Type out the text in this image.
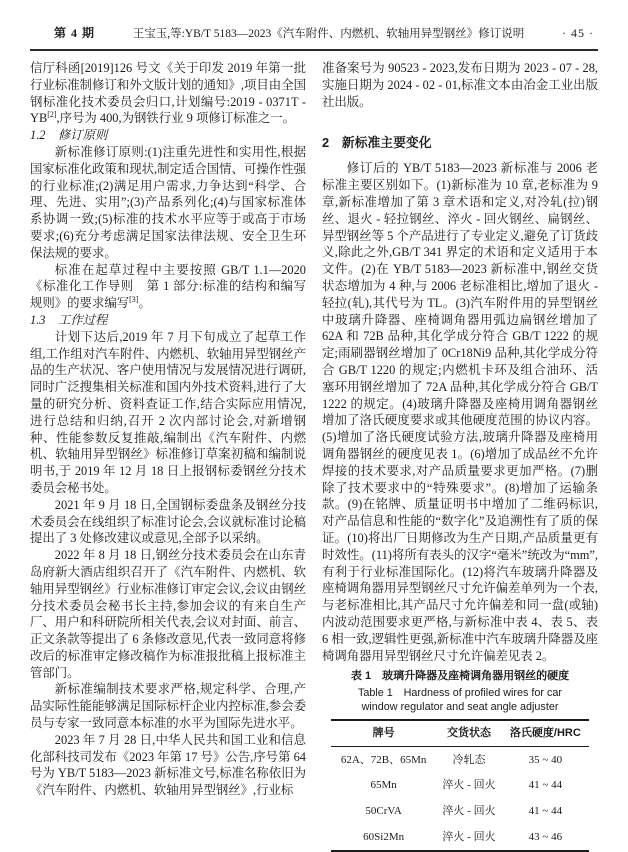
第 4 期	王宝玉,等:YB/T 5183—2023《汽车附件、内燃机、软轴用异型钢丝》修订说明	· 45 ·

信厅科函[2019]126 号文《关于印发 2019 年第一批行业标准制修订和外文版计划的通知》,项目由全国钢标准化技术委员会归口,计划编号:2019 - 0371T - YB[2],序号为 400,为钢铁行业 9 项修订标准之一。

1.2　修订原则

新标准修订原则:(1)注重先进性和实用性,根据国家标准化政策和现状,制定适合国情、可操作性强的行业标准;(2)满足用户需求,力争达到“科学、合理、先进、实用”;(3)产品系列化;(4)与国家标准体系协调一致;(5)标准的技术水平应等于或高于市场要求;(6)充分考虑满足国家法律法规、安全卫生环保法规的要求。

标准在起草过程中主要按照 GB/T 1.1—2020《标准化工作导则　第 1 部分:标准的结构和编写规则》的要求编写[3]。

1.3　工作过程

计划下达后,2019 年 7 月下旬成立了起草工作组,工作组对汽车附件、内燃机、软轴用异型钢丝产品的生产状况、客户使用情况与发展情况进行调研,同时广泛搜集相关标准和国内外技术资料,进行了大量的研究分析、资料查证工作,结合实际应用情况,进行总结和归纳,召开 2 次内部讨论会,对新增钢种、性能参数反复推敲,编制出《汽车附件、内燃机、软轴用异型钢丝》标准修订草案初稿和编制说明书,于 2019 年 12 月 18 日上报钢标委钢丝分技术委员会秘书处。

2021 年 9 月 18 日,全国钢标委盘条及钢丝分技术委员会在线组织了标准讨论会,会议就标准讨论稿提出了 3 处修改建议或意见,全部予以采纳。

2022 年 8 月 18 日,钢丝分技术委员会在山东青岛府新大酒店组织召开了《汽车附件、内燃机、软轴用异型钢丝》行业标准修订审定会议,会议由钢丝分技术委员会秘书长主持,参加会议的有来自生产厂、用户和科研院所相关代表,会议对封面、前言、正文条款等提出了 6 条修改意见,代表一致同意将修改后的标准审定修改稿作为标准报批稿上报标准主管部门。

新标准编制技术要求严格,规定科学、合理,产品实际性能能够满足国际标杆企业内控标准,参会委员与专家一致同意本标准的水平为国际先进水平。

2023 年 7 月 28 日,中华人民共和国工业和信息化部科技司发布《2023 年第 17 号》公告,序号第 64 号为 YB/T 5183—2023 新标准文号,标准名称依旧为《汽车附件、内燃机、软轴用异型钢丝》,行业标

准备案号为 90523 - 2023,发布日期为 2023 - 07 - 28,实施日期为 2024 - 02 - 01,标准文本由冶金工业出版社出版。

2　新标准主要变化

修订后的 YB/T 5183—2023 新标准与 2006 老标准主要区别如下。(1)新标准为 10 章,老标准为 9 章,新标准增加了第 3 章术语和定义,对冷轧(拉)钢丝、退火 - 轻拉钢丝、淬火 - 回火钢丝、扁钢丝、异型钢丝等 5 个产品进行了专业定义,避免了订货歧义,除此之外,GB/T 341 界定的术语和定义适用于本文件。(2)在 YB/T 5183—2023 新标准中,钢丝交货状态增加为 4 种,与 2006 老标准相比,增加了退火 - 轻拉(轧),其代号为 TL。(3)汽车附件用的异型钢丝中玻璃升降器、座椅调角器用弧边扁钢丝增加了 62A 和 72B 品种,其化学成分符合 GB/T 1222 的规定;雨刷器钢丝增加了 0Cr18Ni9 品种,其化学成分符合 GB/T 1220 的规定;内燃机卡环及组合油环、活塞环用钢丝增加了 72A 品种,其化学成分符合 GB/T 1222 的规定。(4)玻璃升降器及座椅用调角器钢丝增加了洛氏硬度要求或其他硬度范围的协议内容。(5)增加了洛氏硬度试验方法,玻璃升降器及座椅用调角器钢丝的硬度见表 1。(6)增加了成品丝不允许焊接的技术要求,对产品质量要求更加严格。(7)删除了技术要求中的“特殊要求”。(8)增加了运输条款。(9)在铭牌、质量证明书中增加了二维码标识,对产品信息和性能的“数字化”及追溯性有了质的保证。(10)将出厂日期修改为生产日期,产品质量更有时效性。(11)将所有表头的汉字“毫米”统改为“mm”,有利于行业标准国际化。(12)将汽车玻璃升降器及座椅调角器用异型钢丝尺寸允许偏差单列为一个表,与老标准相比,其产品尺寸允许偏差和同一盘(或轴)内波动范围要求更严格,与新标准中表 4、表 5、表 6 相一致,逻辑性更强,新标准中汽车玻璃升降器及座椅调角器用异型钢丝尺寸允许偏差见表 2。

表 1　玻璃升降器及座椅调角器用钢丝的硬度
Table 1　Hardness of profiled wires for car window regulator and seat angle adjuster
牌号	交货状态	洛氏硬度/HRC
62A、72B、65Mn	冷轧态	35 ~ 40
65Mn	淬火 - 回火	41 ~ 44
50CrVA	淬火 - 回火	41 ~ 44
60Si2Mn	淬火 - 回火	43 ~ 46
